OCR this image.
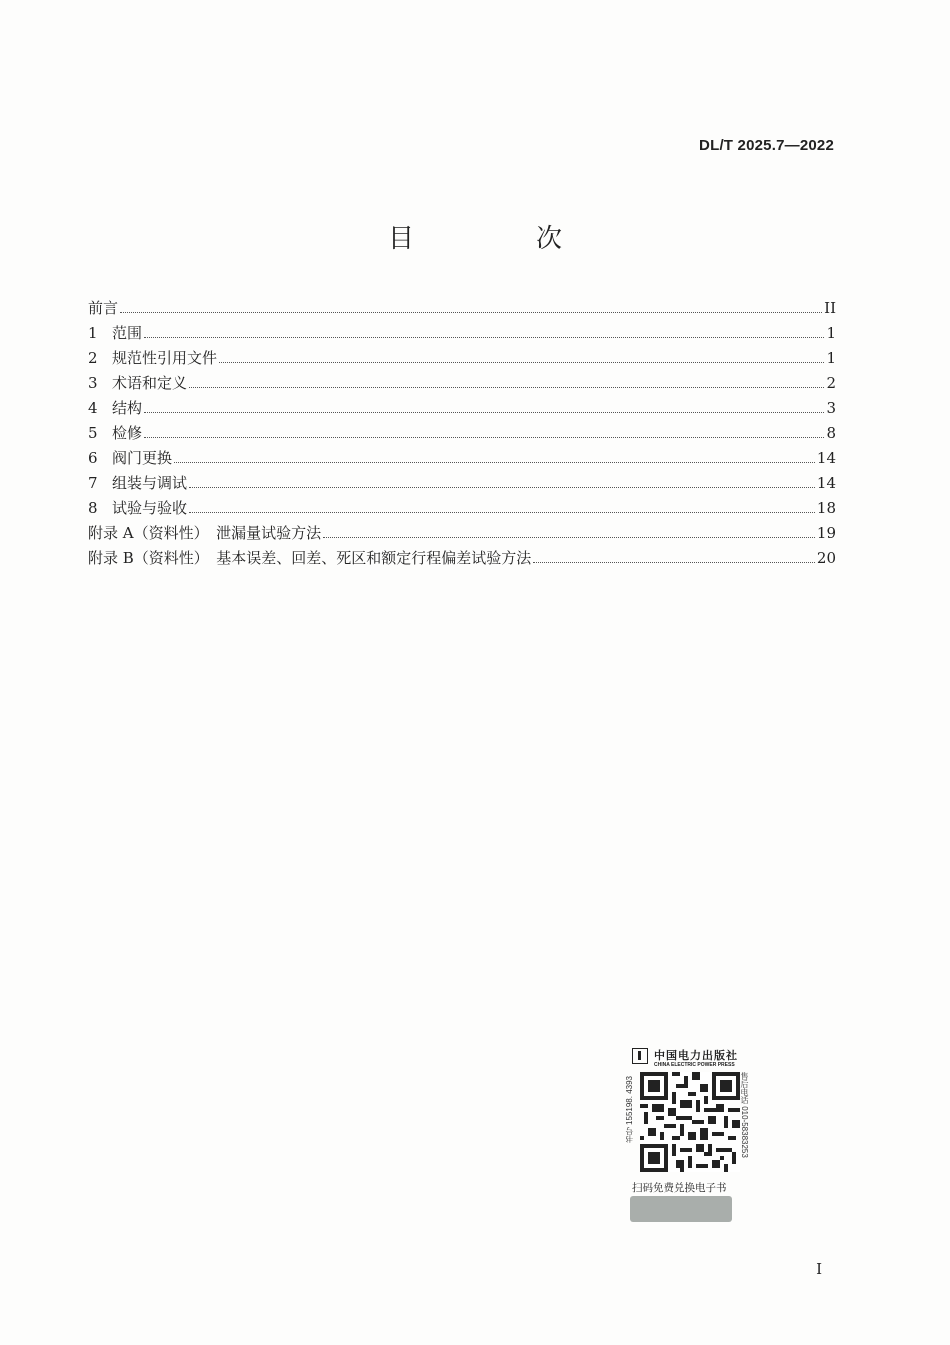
DL/T 2025.7—2022
目　次
前言	II
1 范围	1
2 规范性引用文件	1
3 术语和定义	2
4 结构	3
5 检修	8
6 阀门更换	14
7 组装与调试	14
8 试验与验收	18
附录 A（资料性）　泄漏量试验方法	19
附录 B（资料性）　基本误差、回差、死区和额定行程偏差试验方法	20
中国电力出版社
CHINA ELECTRIC POWER PRESS
书号 155198. 4393	售后电话 010-58383253
扫码免费兑换电子书
I
